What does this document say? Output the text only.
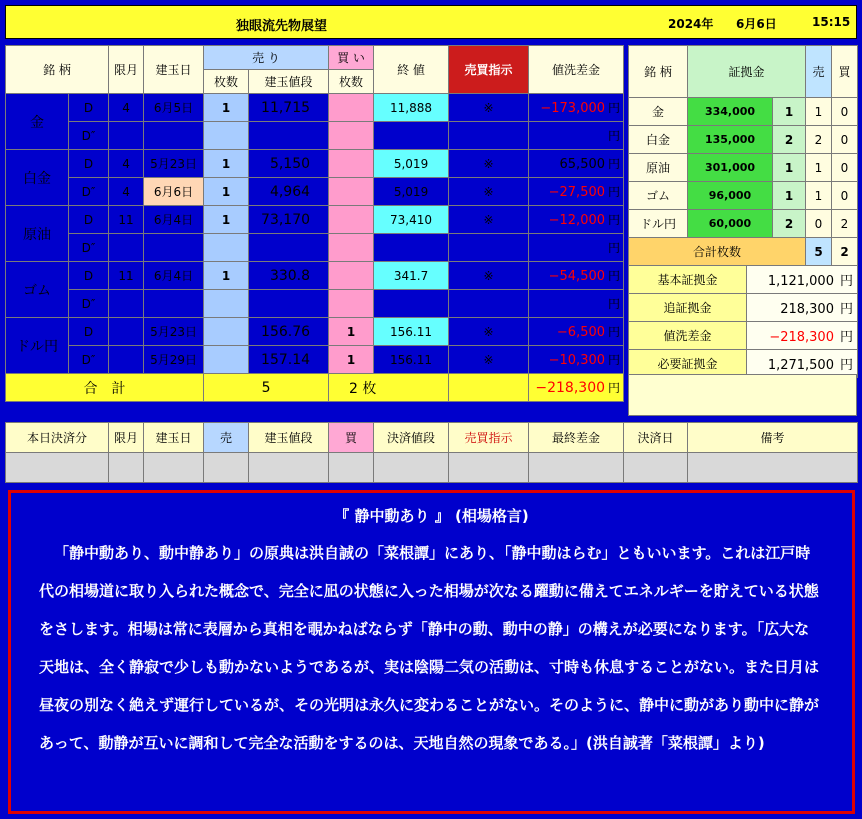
独眼流先物展望	2024年 6月6日	15:15
銘 柄		限月	建玉日	売 り		買 い	終 値	売買指示	値洗差金
				枚数	建玉値段	枚数			
金	D	4	6月5日	1	11,715		11,888	※	−173,000 円
	D″								円
白金	D	4	5月23日	1	5,150		5,019	※	65,500 円
	D″	4	6月6日	1	4,964		5,019	※	−27,500 円
原油	D	11	6月4日	1	73,170		73,410	※	−12,000 円
	D″								円
ゴム	D	11	6月4日	1	330.8		341.7	※	−54,500 円
	D″								円
ドル円	D		5月23日		156.76	1	156.11	※	−6,500 円
	D″		5月29日		157.14	1	156.11	※	−10,300 円
合　計				5		2 枚			−218,300 円
銘 柄	証拠金			売	買
金	334,000		1	1	0
白金	135,000		2	2	0
原油	301,000		1	1	0
ゴム	96,000		1	1	0
ドル円	60,000		2	0	2
合計枚数				5	2
基本証拠金		1,121,000 円			
追証拠金		218,300 円			
値洗差金		−218,300 円			
必要証拠金		1,271,500 円			
本日決済分	限月	建玉日	売	建玉値段	買	決済値段	売買指示	最終差金	決済日	備考

『 静中動あり 』 (相場格言)
「静中動あり、動中静あり」の原典は洪自誠の「菜根譚」にあり、「静中動はらむ」ともいいます。これは江戸時代の相場道に取り入られた概念で、完全に凪の状態に入った相場が次なる躍動に備えてエネルギーを貯えている状態をさします。相場は常に表層から真相を覗かねばならず「静中の動、動中の静」の構えが必要になります。「広大な天地は、全く静寂で少しも動かないようであるが、実は陰陽二気の活動は、寸時も休息することがない。また日月は昼夜の別なく絶えず運行しているが、その光明は永久に変わることがない。そのように、静中に動があり動中に静があって、動静が互いに調和して完全な活動をするのは、天地自然の現象である。」(洪自誠著「菜根譚」より)
